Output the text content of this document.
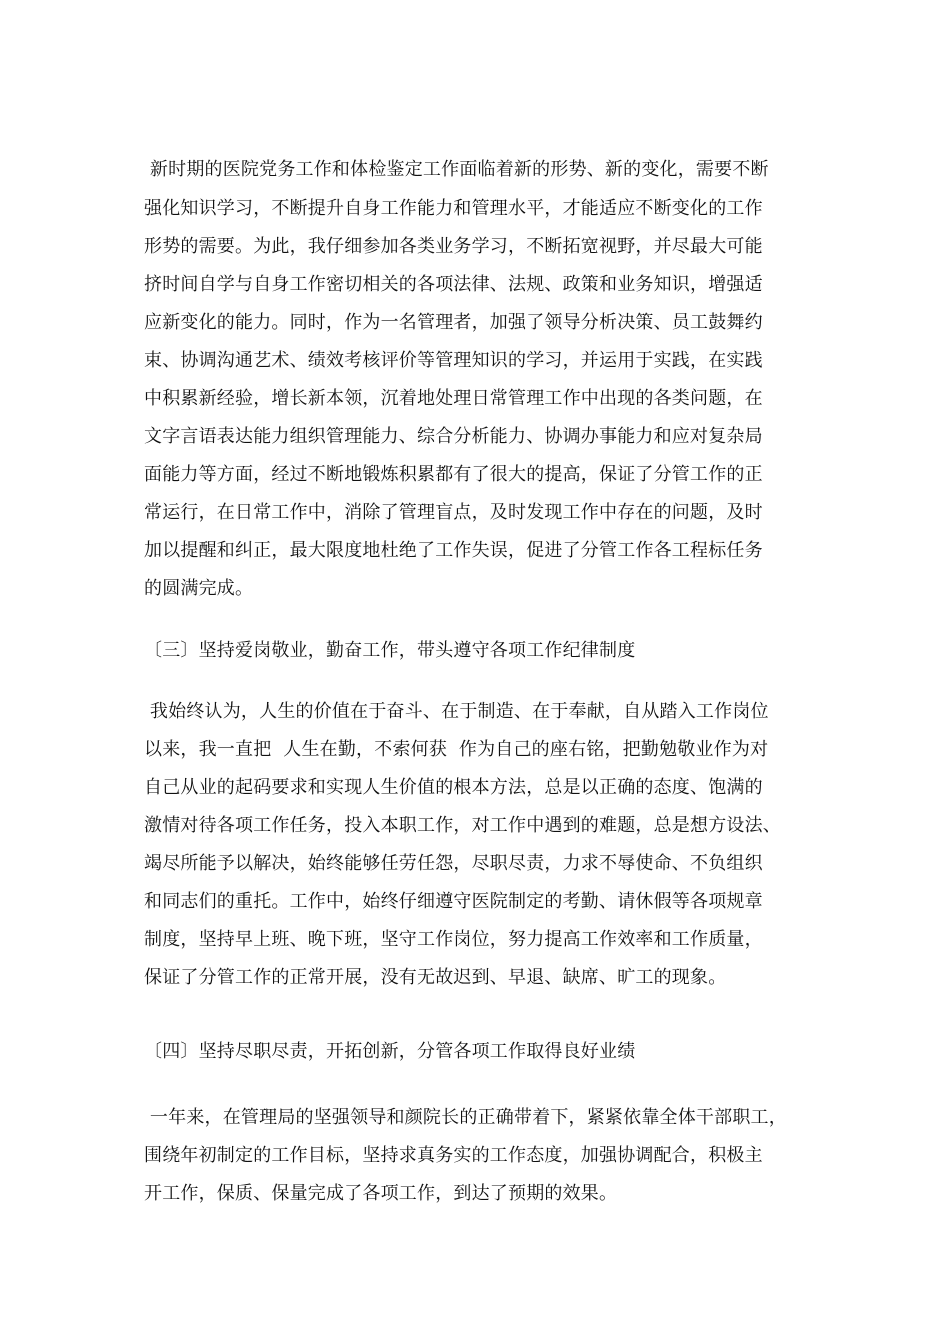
新时期的医院党务工作和体检鉴定工作面临着新的形势、新的变化，需要不断
强化知识学习，不断提升自身工作能力和管理水平，才能适应不断变化的工作
形势的需要。为此，我仔细参加各类业务学习，不断拓宽视野，并尽最大可能
挤时间自学与自身工作密切相关的各项法律、法规、政策和业务知识，增强适
应新变化的能力。同时，作为一名管理者，加强了领导分析决策、员工鼓舞约
束、协调沟通艺术、绩效考核评价等管理知识的学习，并运用于实践，在实践
中积累新经验，增长新本领，沉着地处理日常管理工作中出现的各类问题，在
文字言语表达能力组织管理能力、综合分析能力、协调办事能力和应对复杂局
面能力等方面，经过不断地锻炼积累都有了很大的提高，保证了分管工作的正
常运行，在日常工作中，消除了管理盲点，及时发现工作中存在的问题，及时
加以提醒和纠正，最大限度地杜绝了工作失误，促进了分管工作各工程标任务
的圆满完成。
〔三〕坚持爱岗敬业，勤奋工作，带头遵守各项工作纪律制度
我始终认为，人生的价值在于奋斗、在于制造、在于奉献，自从踏入工作岗位
以来，我一直把  人生在勤，不索何获  作为自己的座右铭，把勤勉敬业作为对
自己从业的起码要求和实现人生价值的根本方法，总是以正确的态度、饱满的
激情对待各项工作任务，投入本职工作，对工作中遇到的难题，总是想方设法、
竭尽所能予以解决，始终能够任劳任怨，尽职尽责，力求不辱使命、不负组织
和同志们的重托。工作中，始终仔细遵守医院制定的考勤、请休假等各项规章
制度，坚持早上班、晚下班，坚守工作岗位，努力提高工作效率和工作质量，
保证了分管工作的正常开展，没有无故迟到、早退、缺席、旷工的现象。
〔四〕坚持尽职尽责，开拓创新，分管各项工作取得良好业绩
一年来，在管理局的坚强领导和颜院长的正确带着下，紧紧依靠全体干部职工，
围绕年初制定的工作目标，坚持求真务实的工作态度，加强协调配合，积极主
开工作，保质、保量完成了各项工作，到达了预期的效果。
